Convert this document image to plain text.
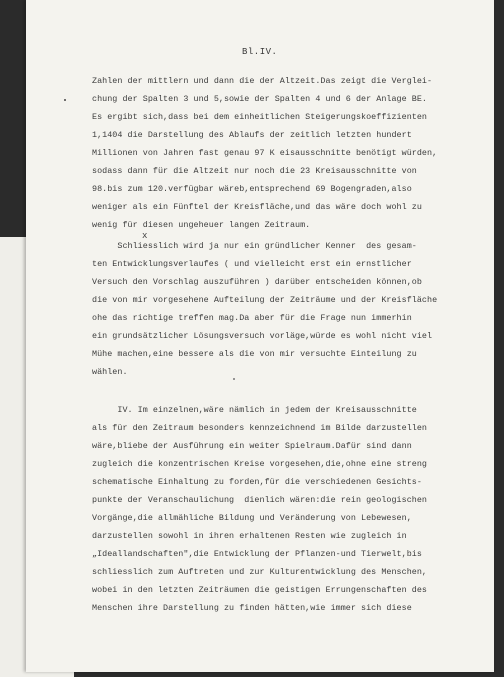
Bl.IV.
x
Zahlen der mittlern und dann die der Altzeit.Das zeigt die Verglei-
chung der Spalten 3 und 5,sowie der Spalten 4 und 6 der Anlage BE.
Es ergibt sich,dass bei dem einheitlichen Steigerungskoeffizienten
1,1404 die Darstellung des Ablaufs der zeitlich letzten hundert
Millionen von Jahren fast genau 97 K eisausschnitte benötigt würden,
sodass dann für die Altzeit nur noch die 23 Kreisausschnitte von
98.bis zum 120.verfügbar wäreb,entsprechend 69 Bogengraden,also
weniger als ein Fünftel der Kreisfläche,und das wäre doch wohl zu
wenig für diesen ungeheuer langen Zeitraum.
Schliesslich wird ja nur ein gründlicher Kenner  des gesam-
ten Entwicklungsverlaufes ( und vielleicht erst ein ernstlicher
Versuch den Vorschlag auszuführen ) darüber entscheiden können,ob
die von mir vorgesehene Aufteilung der Zeiträume und der Kreisfläche
ohe das richtige treffen mag.Da aber für die Frage nun immerhin
ein grundsätzlicher Lösungsversuch vorläge,würde es wohl nicht viel
Mühe machen,eine bessere als die von mir versuchte Einteilung zu
wählen.
IV. Im einzelnen,wäre nämlich in jedem der Kreisausschnitte
als für den Zeitraum besonders kennzeichnend im Bilde darzustellen
wäre,bliebe der Ausführung ein weiter Spielraum.Dafür sind dann
zugleich die konzentrischen Kreise vorgesehen,die,ohne eine streng
schematische Einhaltung zu forden,für die verschiedenen Gesichts-
punkte der Veranschaulichung  dienlich wären:die rein geologischen
Vorgänge,die allmähliche Bildung und Veränderung von Lebewesen,
darzustellen sowohl in ihren erhaltenen Resten wie zugleich in
„Ideallandschaften",die Entwicklung der Pflanzen-und Tierwelt,bis
schliesslich zum Auftreten und zur Kulturentwicklung des Menschen,
wobei in den letzten Zeiträumen die geistigen Errungenschaften des
Menschen ihre Darstellung zu finden hätten,wie immer sich diese
